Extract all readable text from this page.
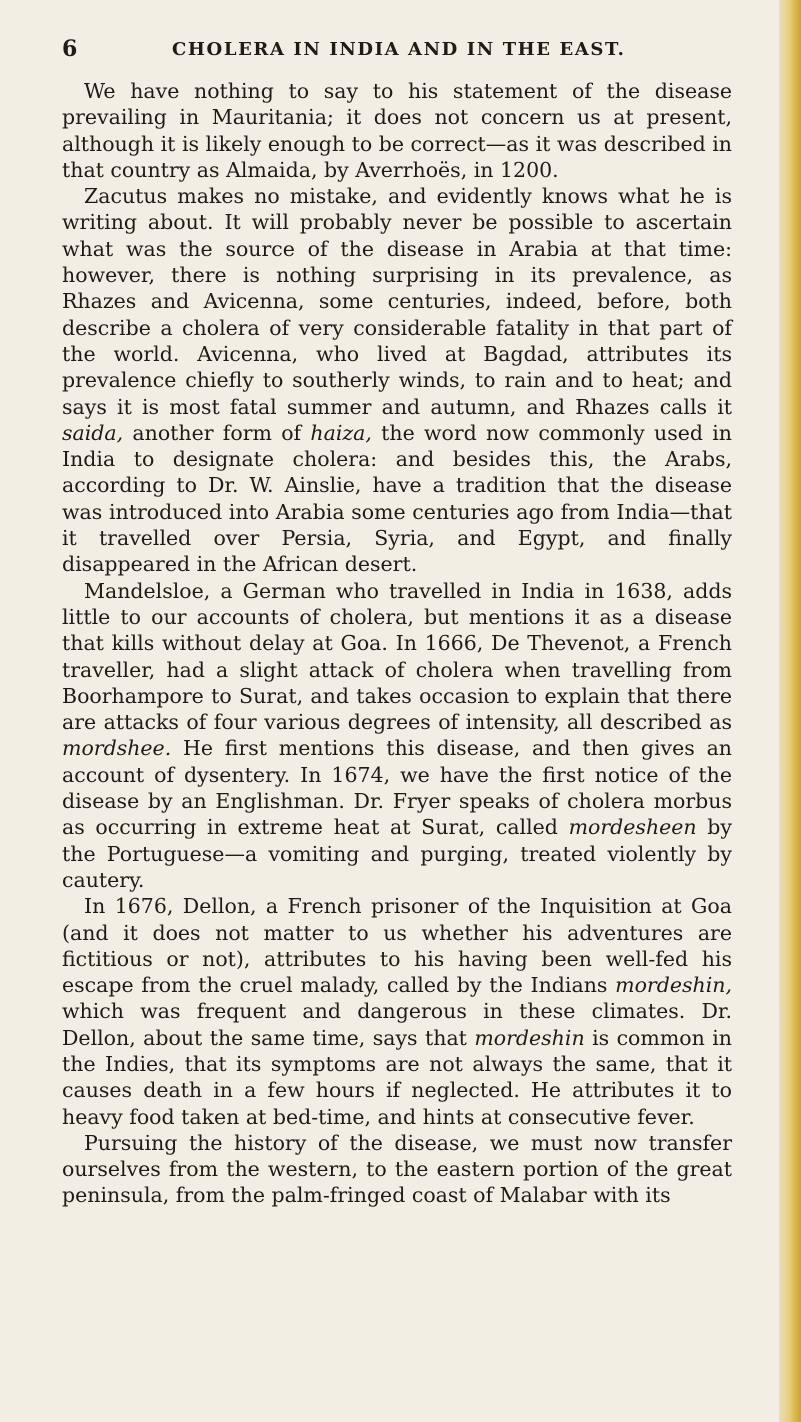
6	CHOLERA IN INDIA AND IN THE EAST.

We have nothing to say to his statement of the disease prevailing in Mauritania; it does not concern us at present, although it is likely enough to be correct—as it was described in that country as Almaida, by Averrhoës, in 1200.

Zacutus makes no mistake, and evidently knows what he is writing about. It will probably never be possible to ascertain what was the source of the disease in Arabia at that time: however, there is nothing surprising in its prevalence, as Rhazes and Avicenna, some centuries, indeed, before, both describe a cholera of very considerable fatality in that part of the world. Avicenna, who lived at Bagdad, attributes its prevalence chiefly to southerly winds, to rain and to heat; and says it is most fatal summer and autumn, and Rhazes calls it saida, another form of haiza, the word now commonly used in India to designate cholera: and besides this, the Arabs, according to Dr. W. Ainslie, have a tradition that the disease was introduced into Arabia some centuries ago from India—that it travelled over Persia, Syria, and Egypt, and finally disappeared in the African desert.

Mandelsloe, a German who travelled in India in 1638, adds little to our accounts of cholera, but mentions it as a disease that kills without delay at Goa. In 1666, De Thevenot, a French traveller, had a slight attack of cholera when travelling from Boorhampore to Surat, and takes occasion to explain that there are attacks of four various degrees of intensity, all described as mordshee. He first mentions this disease, and then gives an account of dysentery. In 1674, we have the first notice of the disease by an Englishman. Dr. Fryer speaks of cholera morbus as occurring in extreme heat at Surat, called mordesheen by the Portuguese—a vomiting and purging, treated violently by cautery.

In 1676, Dellon, a French prisoner of the Inquisition at Goa (and it does not matter to us whether his adventures are fictitious or not), attributes to his having been well-fed his escape from the cruel malady, called by the Indians mordeshin, which was frequent and dangerous in these climates. Dr. Dellon, about the same time, says that mordeshin is common in the Indies, that its symptoms are not always the same, that it causes death in a few hours if neglected. He attributes it to heavy food taken at bed-time, and hints at consecutive fever.

Pursuing the history of the disease, we must now transfer ourselves from the western, to the eastern portion of the great peninsula, from the palm-fringed coast of Malabar with its
